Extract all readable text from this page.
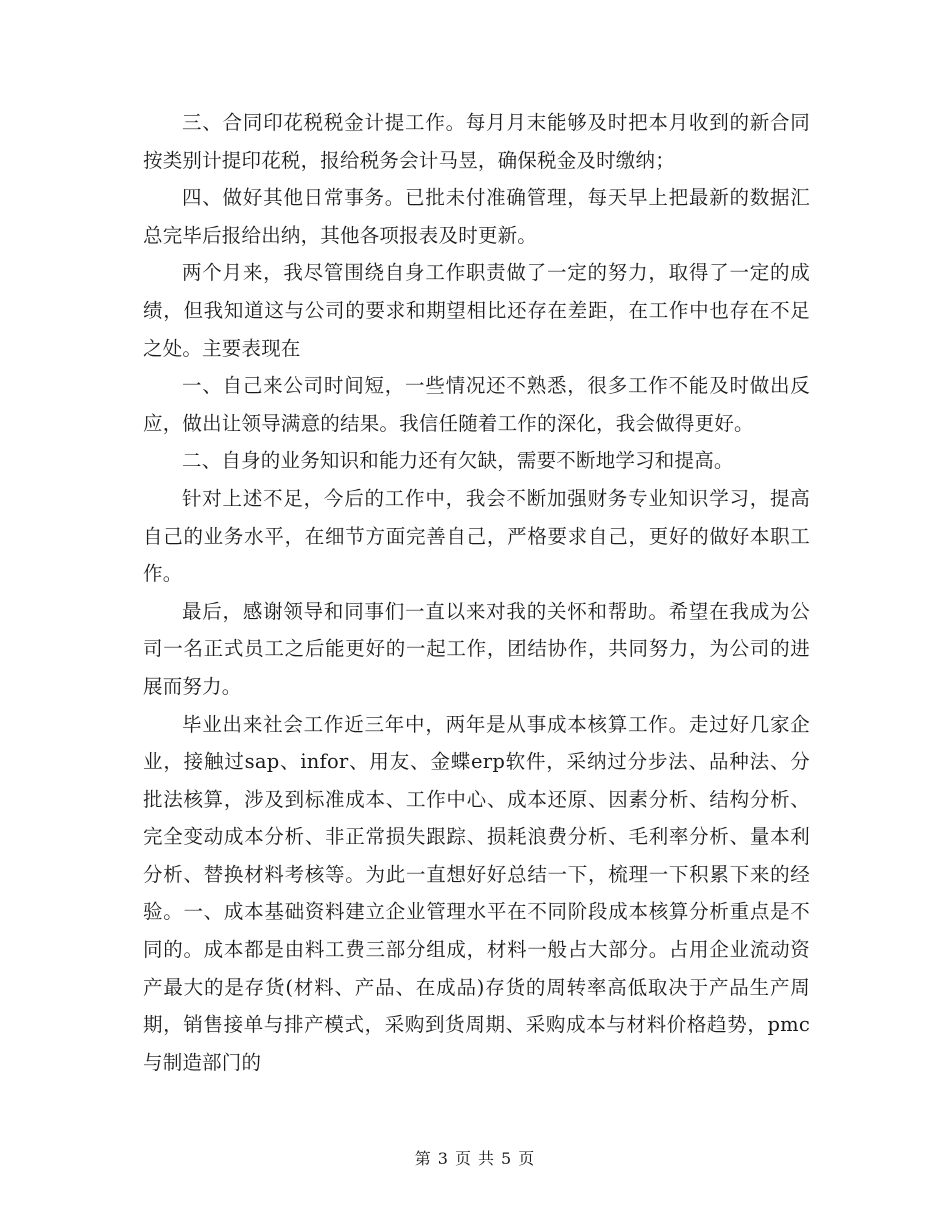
三、合同印花税税金计提工作。每月月末能够及时把本月收到的新合同按类别计提印花税，报给税务会计马昱，确保税金及时缴纳；

四、做好其他日常事务。已批未付准确管理，每天早上把最新的数据汇总完毕后报给出纳，其他各项报表及时更新。

两个月来，我尽管围绕自身工作职责做了一定的努力，取得了一定的成绩，但我知道这与公司的要求和期望相比还存在差距，在工作中也存在不足之处。主要表现在

一、自己来公司时间短，一些情况还不熟悉，很多工作不能及时做出反应，做出让领导满意的结果。我信任随着工作的深化，我会做得更好。

二、自身的业务知识和能力还有欠缺，需要不断地学习和提高。

针对上述不足，今后的工作中，我会不断加强财务专业知识学习，提高自己的业务水平，在细节方面完善自己，严格要求自己，更好的做好本职工作。

最后，感谢领导和同事们一直以来对我的关怀和帮助。希望在我成为公司一名正式员工之后能更好的一起工作，团结协作，共同努力，为公司的进展而努力。

毕业出来社会工作近三年中，两年是从事成本核算工作。走过好几家企业，接触过sap、infor、用友、金蝶erp软件，采纳过分步法、品种法、分批法核算，涉及到标准成本、工作中心、成本还原、因素分析、结构分析、完全变动成本分析、非正常损失跟踪、损耗浪费分析、毛利率分析、量本利分析、替换材料考核等。为此一直想好好总结一下，梳理一下积累下来的经验。一、成本基础资料建立企业管理水平在不同阶段成本核算分析重点是不同的。成本都是由料工费三部分组成，材料一般占大部分。占用企业流动资产最大的是存货(材料、产品、在成品)存货的周转率高低取决于产品生产周期，销售接单与排产模式，采购到货周期、采购成本与材料价格趋势，pmc与制造部门的

第 3 页 共 5 页
